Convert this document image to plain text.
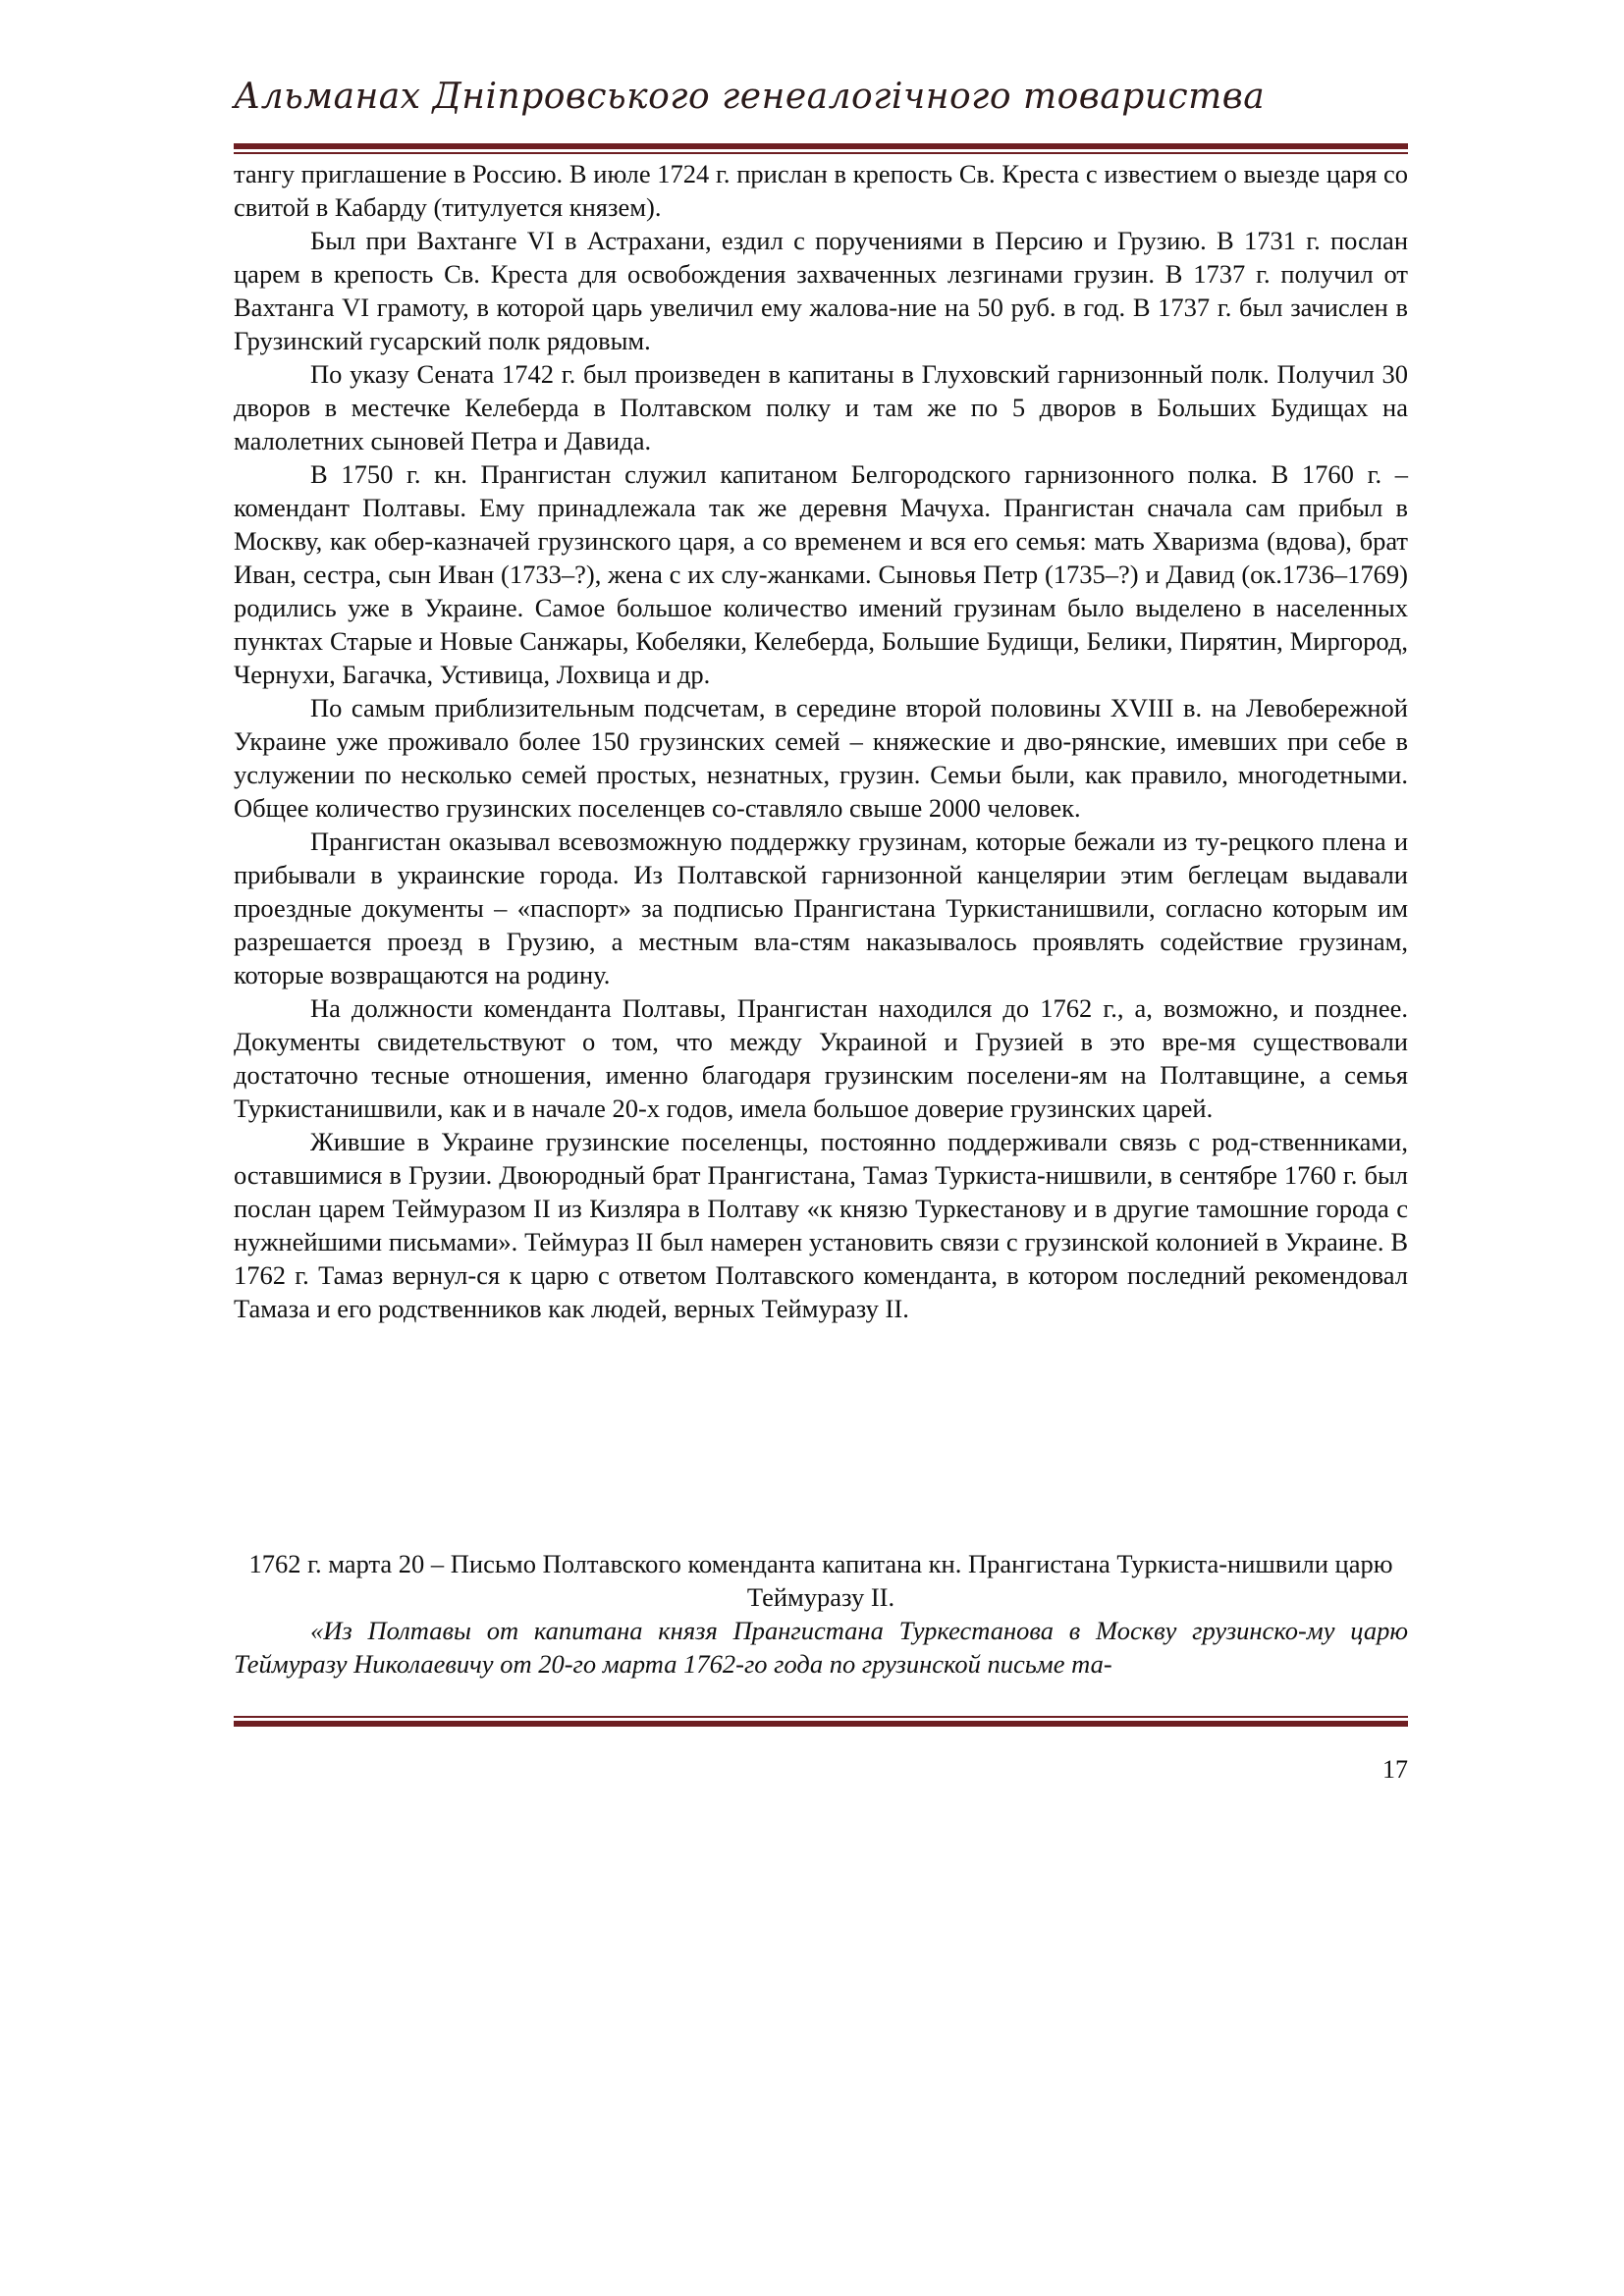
Альманах Дніпровського генеалогічного товариства

тангу приглашение в Россию. В июле 1724 г. прислан в крепость Св. Креста с известием о выезде царя со свитой в Кабарду (титулуется князем).

Был при Вахтанге VI в Астрахани, ездил с поручениями в Персию и Грузию. В 1731 г. послан царем в крепость Св. Креста для освобождения захваченных лезгинами грузин. В 1737 г. получил от Вахтанга VI грамоту, в которой царь увеличил ему жалова-ние на 50 руб. в год. В 1737 г. был зачислен в Грузинский гусарский полк рядовым.

По указу Сената 1742 г. был произведен в капитаны в Глуховский гарнизонный полк. Получил 30 дворов в местечке Келеберда в Полтавском полку и там же по 5 дворов в Больших Будищах на малолетних сыновей Петра и Давида.

В 1750 г. кн. Прангистан служил капитаном Белгородского гарнизонного полка. В 1760 г. – комендант Полтавы. Ему принадлежала так же деревня Мачуха. Прангистан сначала сам прибыл в Москву, как обер-казначей грузинского царя, а со временем и вся его семья: мать Хваризма (вдова), брат Иван, сестра, сын Иван (1733–?), жена с их слу-жанками. Сыновья Петр (1735–?) и Давид (ок.1736–1769) родились уже в Украине. Самое большое количество имений грузинам было выделено в населенных пунктах Старые и Новые Санжары, Кобеляки, Келеберда, Большие Будищи, Белики, Пирятин, Миргород, Чернухи, Багачка, Устивица, Лохвица и др.

По самым приблизительным подсчетам, в середине второй половины XVIII в. на Левобережной Украине уже проживало более 150 грузинских семей – княжеские и дво-рянские, имевших при себе в услужении по несколько семей простых, незнатных, грузин. Семьи были, как правило, многодетными. Общее количество грузинских поселенцев со-ставляло свыше 2000 человек.

Прангистан оказывал всевозможную поддержку грузинам, которые бежали из ту-рецкого плена и прибывали в украинские города. Из Полтавской гарнизонной канцелярии этим беглецам выдавали проездные документы – «паспорт» за подписью Прангистана Туркистанишвили, согласно которым им разрешается проезд в Грузию, а местным вла-стям наказывалось проявлять содействие грузинам, которые возвращаются на родину.

На должности коменданта Полтавы, Прангистан находился до 1762 г., а, возможно, и позднее. Документы свидетельствуют о том, что между Украиной и Грузией в это вре-мя существовали достаточно тесные отношения, именно благодаря грузинским поселени-ям на Полтавщине, а семья Туркистанишвили, как и в начале 20-х годов, имела большое доверие грузинских царей.

Жившие в Украине грузинские поселенцы, постоянно поддерживали связь с род-ственниками, оставшимися в Грузии. Двоюродный брат Прангистана, Тамаз Туркиста-нишвили, в сентябре 1760 г. был послан царем Теймуразом II из Кизляра в Полтаву «к князю Туркестанову и в другие тамошние города с нужнейшими письмами». Теймураз II был намерен установить связи с грузинской колонией в Украине. В 1762 г. Тамаз вернул-ся к царю с ответом Полтавского коменданта, в котором последний рекомендовал Тамаза и его родственников как людей, верных Теймуразу II.

1762 г. марта 20 – Письмо Полтавского коменданта капитана кн. Прангистана Туркиста-нишвили царю Теймуразу II.
«Из Полтавы от капитана князя Прангистана Туркестанова в Москву грузинско-му царю Теймуразу Николаевичу от 20-го марта 1762-го года по грузинской письме та-
17
